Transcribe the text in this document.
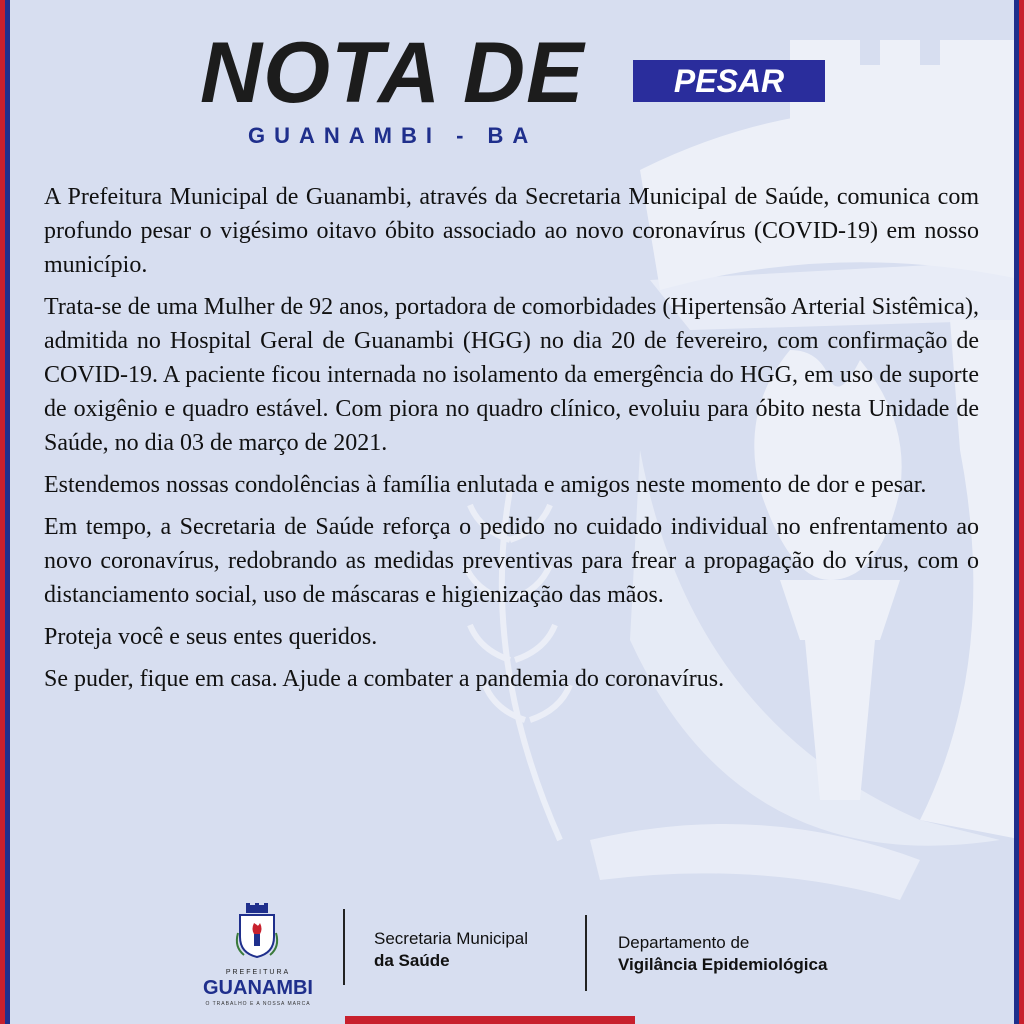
NOTA DE	PESAR
GUANAMBI - BA

A Prefeitura Municipal de Guanambi, através da Secretaria Municipal de Saúde, comunica com profundo pesar o vigésimo oitavo óbito associado ao novo coronavírus (COVID-19) em nosso município.

Trata-se de uma Mulher de 92 anos, portadora de comorbidades (Hipertensão Arterial Sistêmica), admitida no Hospital Geral de Guanambi (HGG) no dia 20 de fevereiro, com confirmação de COVID-19. A paciente ficou internada no isolamento da emergência do HGG, em uso de suporte de oxigênio e quadro estável. Com piora no quadro clínico, evoluiu para óbito nesta Unidade de Saúde, no dia 03 de março de 2021.

Estendemos nossas condolências à família enlutada e amigos neste momento de dor e pesar.

Em tempo, a Secretaria de Saúde reforça o pedido no cuidado individual no enfrentamento ao novo coronavírus, redobrando as medidas preventivas para frear a propagação do vírus, com o distanciamento social, uso de máscaras e higienização das mãos.

Proteja você e seus entes queridos.

Se puder, fique em casa. Ajude a combater a pandemia do coronavírus.

PREFEITURA
GUANAMBI
O TRABALHO E A NOSSA MARCA
Secretaria Municipal
da Saúde
Departamento de
Vigilância Epidemiológica
